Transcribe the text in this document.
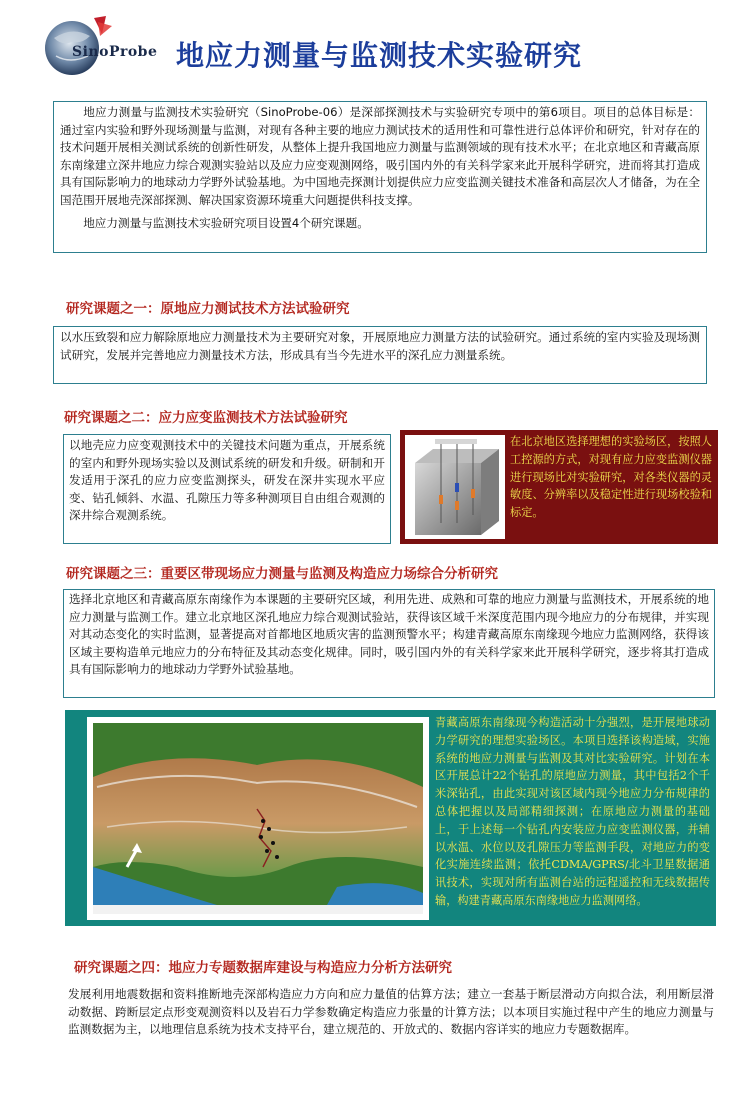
SinoProbe 地应力测量与监测技术实验研究

地应力测量与监测技术实验研究（SinoProbe-06）是深部探测技术与实验研究专项中的第6项目。项目的总体目标是：通过室内实验和野外现场测量与监测，对现有各种主要的地应力测试技术的适用性和可靠性进行总体评价和研究，针对存在的技术问题开展相关测试系统的创新性研发，从整体上提升我国地应力测量与监测领域的现有技术水平；在北京地区和青藏高原东南缘建立深井地应力综合观测实验站以及应力应变观测网络，吸引国内外的有关科学家来此开展科学研究，进而将其打造成具有国际影响力的地球动力学野外试验基地。为中国地壳探测计划提供应力应变监测关键技术准备和高层次人才储备，为在全国范围开展地壳深部探测、解决国家资源环境重大问题提供科技支撑。

地应力测量与监测技术实验研究项目设置4个研究课题。

研究课题之一：原地应力测试技术方法试验研究
以水压致裂和应力解除原地应力测量技术为主要研究对象，开展原地应力测量方法的试验研究。通过系统的室内实验及现场测试研究，发展并完善地应力测量技术方法，形成具有当今先进水平的深孔应力测量系统。
研究课题之二：应力应变监测技术方法试验研究
以地壳应力应变观测技术中的关键技术问题为重点，开展系统的室内和野外现场实验以及测试系统的研发和升级。研制和开发适用于深孔的应力应变监测探头，研发在深井实现水平应变、钻孔倾斜、水温、孔隙压力等多种测项目自由组合观测的深井综合观测系统。
在北京地区选择理想的实验场区，按照人工控源的方式，对现有应力应变监测仪器进行现场比对实验研究，对各类仪器的灵敏度、分辨率以及稳定性进行现场校验和标定。
研究课题之三：重要区带现场应力测量与监测及构造应力场综合分析研究
选择北京地区和青藏高原东南缘作为本课题的主要研究区域，利用先进、成熟和可靠的地应力测量与监测技术，开展系统的地应力测量与监测工作。建立北京地区深孔地应力综合观测试验站，获得该区域千米深度范围内现今地应力的分布规律，并实现对其动态变化的实时监测，显著提高对首都地区地质灾害的监测预警水平；构建青藏高原东南缘现今地应力监测网络，获得该区域主要构造单元地应力的分布特征及其动态变化规律。同时，吸引国内外的有关科学家来此开展科学研究，逐步将其打造成具有国际影响力的地球动力学野外试验基地。
青藏高原东南缘现今构造活动十分强烈，是开展地球动力学研究的理想实验场区。本项目选择该构造域，实施系统的地应力测量与监测及其对比实验研究。计划在本区开展总计22个钻孔的原地应力测量，其中包括2个千米深钻孔，由此实现对该区域内现今地应力分布规律的总体把握以及局部精细探测；在原地应力测量的基础上，于上述每一个钻孔内安装应力应变监测仪器，并辅以水温、水位以及孔隙压力等监测手段，对地应力的变化实施连续监测；依托CDMA/GPRS/北斗卫星数据通讯技术，实现对所有监测台站的远程遥控和无线数据传输，构建青藏高原东南缘地应力监测网络。
研究课题之四：地应力专题数据库建设与构造应力分析方法研究
发展利用地震数据和资料推断地壳深部构造应力方向和应力量值的估算方法；建立一套基于断层滑动方向拟合法，利用断层滑动数据、跨断层定点形变观测资料以及岩石力学参数确定构造应力张量的计算方法；以本项目实施过程中产生的地应力测量与监测数据为主，以地理信息系统为技术支持平台，建立规范的、开放式的、数据内容详实的地应力专题数据库。
